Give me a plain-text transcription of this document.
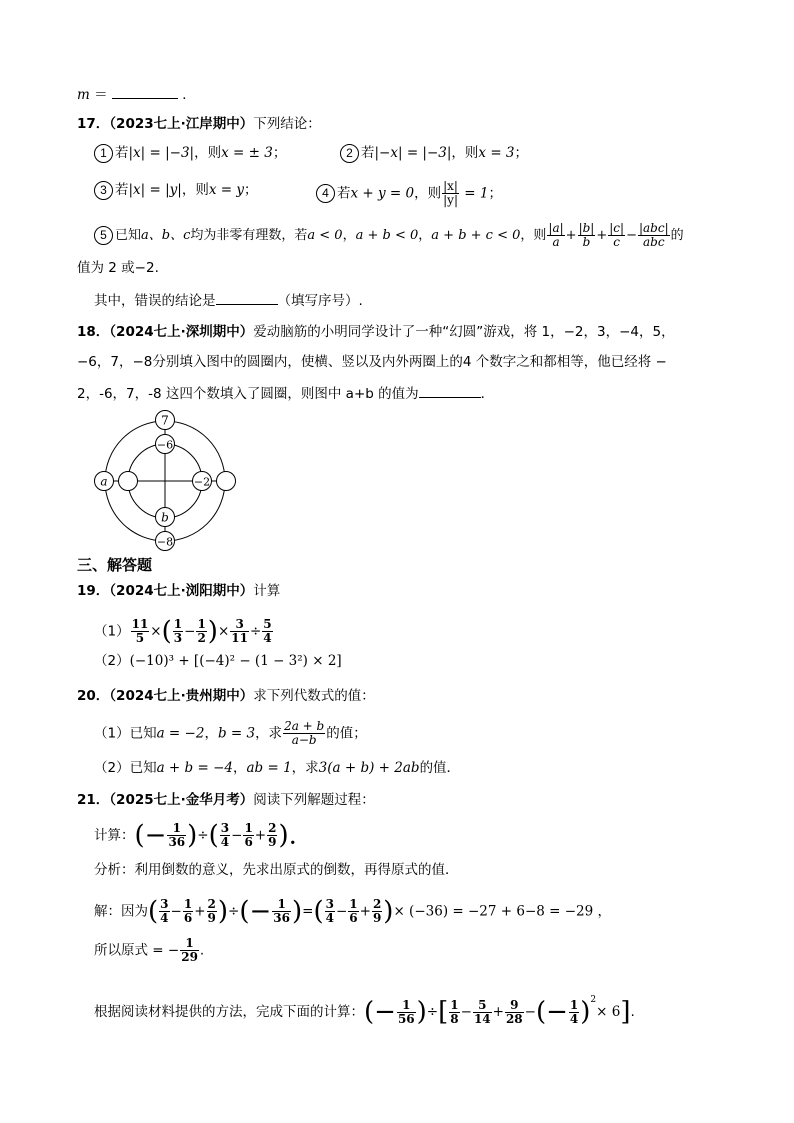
m ＝	．
17．（2023七上·江岸期中）下列结论：
1 若|x| = |−3|，则x = ± 3；	2 若|−x| = |−3|，则x = 3；
3 若|x| = |y|，则x = y；	4 若x + y = 0，则 $\frac{|x|}{|y|} = 1$；
5 已知a、b、c均为非零有理数，若a < 0，a + b < 0，a + b + c < 0，则 $\frac{|a|}{a} + \frac{|b|}{b} + \frac{|c|}{c} - \frac{\text{|abc|}}{\text{abc}}$ 的
值为 2 或−2.
其中，错误的结论是	（填写序号）.
18．（2024七上·深圳期中）爱动脑筋的小明同学设计了一种“幻圆”游戏，将 1，−2，3，−4，5，
−6，7，−8分别填入图中的圆圈内，使横、竖以及内外两圈上的4 个数字之和都相等，他已经将 −
2，-6，7，-8 这四个数填入了圆圈，则图中 a+b 的值为	．
7
−6
a	−2
b
−8
三、解答题
19．（2024七上·浏阳期中）计算
$(1) \frac{11}{5}$ ×( $\frac{1}{3} - \frac{1}{2}$ )× $\frac{3}{11} \div \frac{5}{4}$
（2）(−10)³ + [(−4)² − (1 − 3²) × 2]
20．（2024七上·贵州期中）求下列代数式的值：
（1）已知a = −2，b = 3，求 $\frac{2a + b}{a-b}$ 的值；
（2）已知a + b = −4，ab = 1，求3(a + b) + 2ab的值．
21．（2025七上·金华月考）阅读下列解题过程：
计算：(− $\frac{1}{36}$ )÷( $\frac{3}{4} - \frac{1}{6} + \frac{2}{9}$ ).
分析：利用倒数的意义，先求出原式的倒数，再得原式的值．
解：因为( $\frac{3}{4} - \frac{1}{6} + \frac{2}{9}$ )÷(− $\frac{1}{36}$ )=( $\frac{3}{4} - \frac{1}{6} + \frac{2}{9}$ )× (−36) = −27 + 6−8 = −29 ，
所以原式 = − $\frac{1}{29}$ .
根据阅读材料提供的方法，完成下面的计算：(− $\frac{1}{56}$ )÷[ $\frac{1}{8} - \frac{5}{14} + \frac{9}{28}$ −(− $\frac{1}{4} )^2\times 6$].
